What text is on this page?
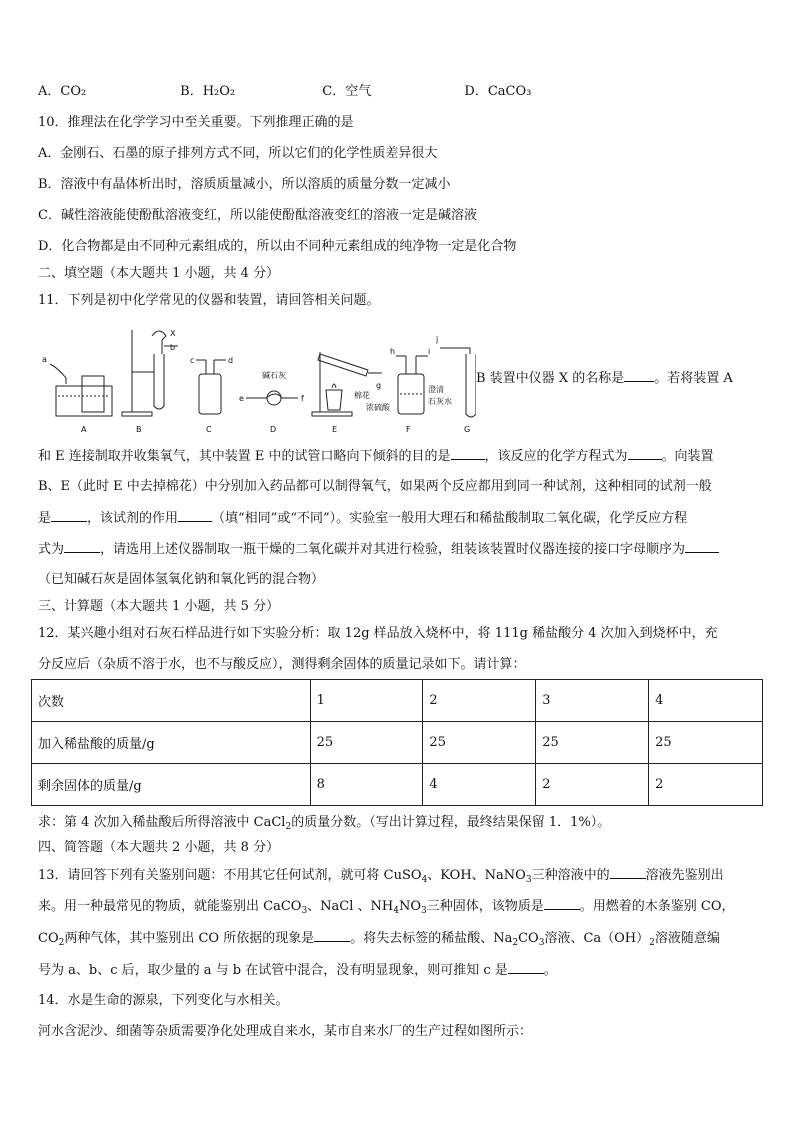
A．CO₂	B．H₂O₂	C．空气	D．CaCO₃
10．推理法在化学学习中至关重要。下列推理正确的是
A．金刚石、石墨的原子排列方式不同，所以它们的化学性质差异很大
B．溶液中有晶体析出时，溶质质量减小，所以溶质的质量分数一定减小
C．碱性溶液能使酚酞溶液变红，所以能使酚酞溶液变红的溶液一定是碱溶液
D．化合物都是由不同种元素组成的，所以由不同种元素组成的纯净物一定是化合物
二、填空题（本大题共 1 小题，共 4 分）
11．下列是初中化学常见的仪器和装置，请回答相关问题。
a
A
X
b
B
c	d
C
碱石灰
e	f
D
g
棉花
E
h	i
浓硫酸
F
j
澄清
石灰水
G
B 装置中仪器 X 的名称是 。若将装置 A
和 E 连接制取并收集氧气，其中装置 E 中的试管口略向下倾斜的目的是	，该反应的化学方程式为	。向装置
B、E（此时 E 中去掉棉花）中分别加入药品都可以制得氧气，如果两个反应都用到同一种试剂，这种相同的试剂一般
是	，该试剂的作用	（填“相同”或“不同”）。实验室一般用大理石和稀盐酸制取二氧化碳，化学反应方程
式为	，请选用上述仪器制取一瓶干燥的二氧化碳并对其进行检验，组装该装置时仪器连接的接口字母顺序为
（已知碱石灰是固体氢氧化钠和氧化钙的混合物）
三、计算题（本大题共 1 小题，共 5 分）
12．某兴趣小组对石灰石样品进行如下实验分析：取 12g 样品放入烧杯中，将 111g 稀盐酸分 4 次加入到烧杯中，充
分反应后（杂质不溶于水，也不与酸反应），测得剩余固体的质量记录如下。请计算：
次数	1	2	3	4
加入稀盐酸的质量/g	25	25	25	25
剩余固体的质量/g	8	4	2	2
求：第 4 次加入稀盐酸后所得溶液中 CaCl$_2$的质量分数。（写出计算过程，最终结果保留 1．1%）。
四、简答题（本大题共 2 小题，共 8 分）
13．请回答下列有关鉴别问题：不用其它任何试剂，就可将 CuSO$_4$、KOH、NaNO$_3$三种溶液中的	溶液先鉴别出
来。用一种最常见的物质，就能鉴别出 CaCO$_3$、NaCl 、$NH_4NO_3$三种固体，该物质是	。用燃着的木条鉴别 CO，
$CO_2$两种气体，其中鉴别出 CO 所依据的现象是	。将失去标签的稀盐酸、$Na_2CO_3$溶液、$Ca(OH)_2$溶液随意编
号为 a、b、c 后，取少量的 a 与 b 在试管中混合，没有明显现象，则可推知 c 是	。
14．水是生命的源泉，下列变化与水相关。
河水含泥沙、细菌等杂质需要净化处理成自来水，某市自来水厂的生产过程如图所示：
